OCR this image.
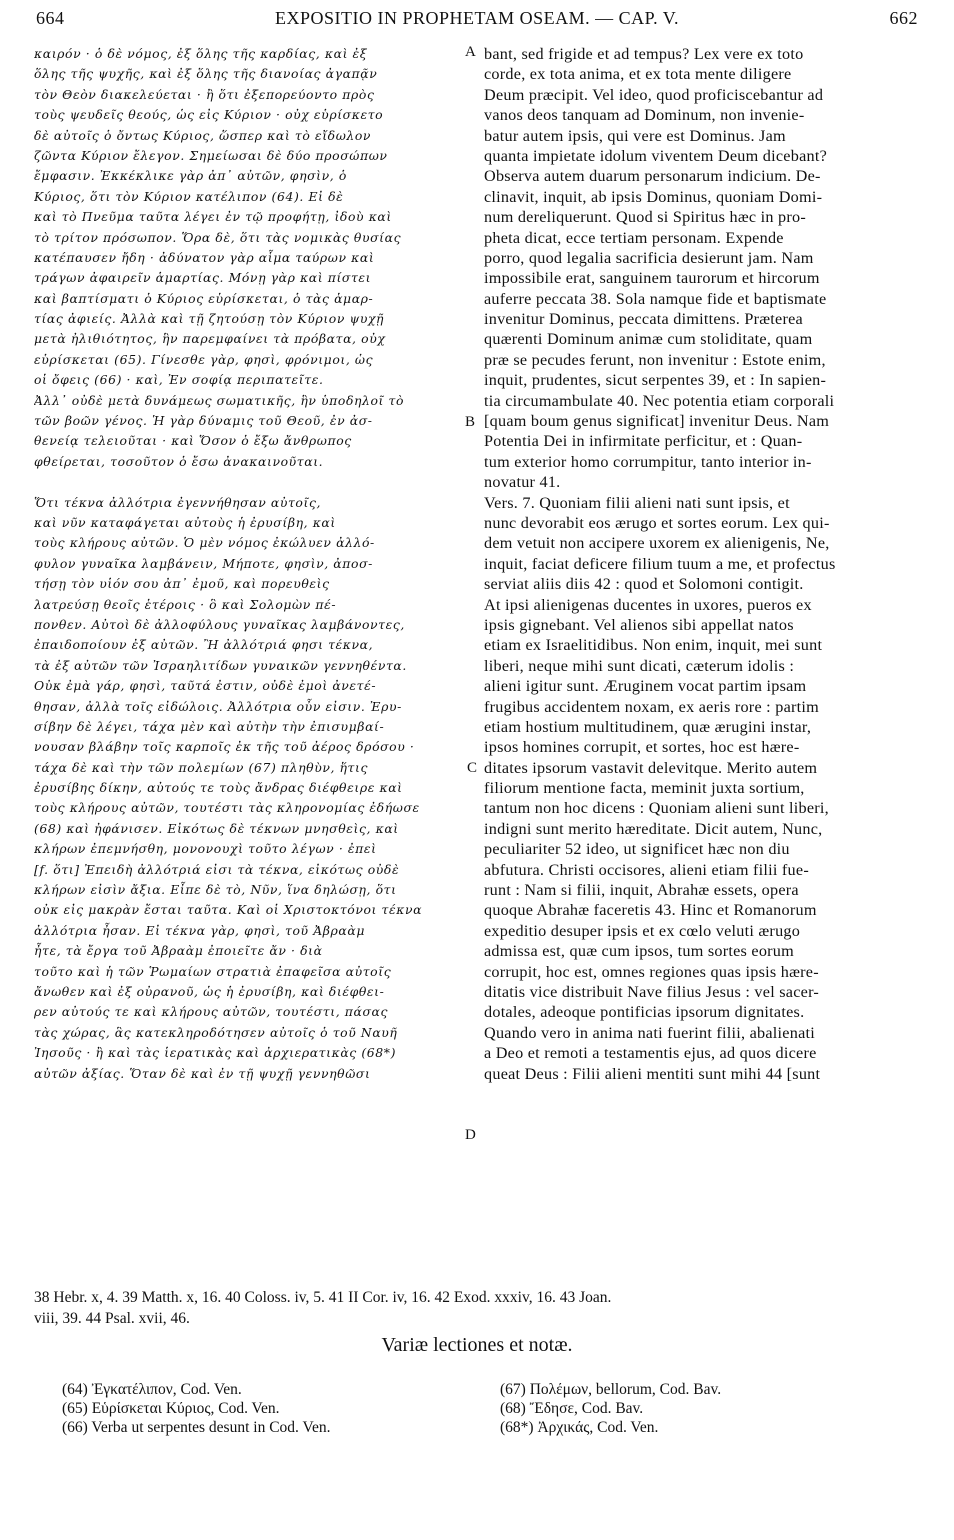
664	EXPOSITIO IN PROPHETAM OSEAM. — CAP. V.	662
καιρόν · ὁ δὲ νόμος, ἐξ ὅλης τῆς καρδίας, καὶ ἐξ
ὅλης τῆς ψυχῆς, καὶ ἐξ ὅλης τῆς διανοίας ἀγαπᾷν
τὸν Θεὸν διακελεύεται · ἢ ὅτι ἐξεπορεύοντο πρὸς
τοὺς ψευδεῖς θεούς, ὡς εἰς Κύριον · οὐχ εὑρίσκετο
δὲ αὐτοῖς ὁ ὄντως Κύριος, ὥσπερ καὶ τὸ εἴδωλον
ζῶντα Κύριον ἔλεγον. Σημείωσαι δὲ δύο προσώπων
ἔμφασιν. Ἐκκέκλικε γὰρ ἀπ᾽ αὐτῶν, φησὶν, ὁ
Κύριος, ὅτι τὸν Κύριον κατέλιπον (64). Εἰ δὲ
καὶ τὸ Πνεῦμα ταῦτα λέγει ἐν τῷ προφήτῃ, ἰδοὺ καὶ
τὸ τρίτον πρόσωπον. Ὅρα δὲ, ὅτι τὰς νομικὰς θυσίας
κατέπαυσεν ἤδη · ἀδύνατον γὰρ αἷμα ταύρων καὶ
τράγων ἀφαιρεῖν ἁμαρτίας. Μόνῃ γὰρ καὶ πίστει
καὶ βαπτίσματι ὁ Κύριος εὑρίσκεται, ὁ τὰς ἁμαρ-
τίας ἀφιείς. Ἀλλὰ καὶ τῇ ζητούσῃ τὸν Κύριον ψυχῇ
μετὰ ἠλιθιότητος, ἣν παρεμφαίνει τὰ πρόβατα, οὐχ
εὑρίσκεται (65). Γίνεσθε γὰρ, φησὶ, φρόνιμοι, ὡς
οἱ ὄφεις (66) · καὶ, Ἐν σοφίᾳ περιπατεῖτε.
Ἀλλ᾽ οὐδὲ μετὰ δυνάμεως σωματικῆς, ἣν ὑποδηλοῖ τὸ
τῶν βοῶν γένος. Ἡ γὰρ δύναμις τοῦ Θεοῦ, ἐν ἀσ-
θενείᾳ τελειοῦται · καὶ Ὅσον ὁ ἔξω ἄνθρωπος
φθείρεται, τοσοῦτον ὁ ἔσω ἀνακαινοῦται.
Ὅτι τέκνα ἀλλότρια ἐγεννήθησαν αὐτοῖς,
καὶ νῦν καταφάγεται αὐτοὺς ἡ ἐρυσίβη, καὶ
τοὺς κλήρους αὐτῶν. Ὁ μὲν νόμος ἐκώλυεν ἀλλό-
φυλον γυναῖκα λαμβάνειν, Μήποτε, φησὶν, ἀποσ-
τήσῃ τὸν υἱόν σου ἀπ᾽ ἐμοῦ, καὶ πορευθεὶς
λατρεύσῃ θεοῖς ἑτέροις · ὃ καὶ Σολομὼν πέ-
πονθεν. Αὐτοὶ δὲ ἀλλοφύλους γυναῖκας λαμβάνοντες,
ἐπαιδοποίουν ἐξ αὐτῶν. Ἢ ἀλλότριά φησι τέκνα,
τὰ ἐξ αὐτῶν τῶν Ἰσραηλιτίδων γυναικῶν γεννηθέντα.
Οὐκ ἐμὰ γάρ, φησὶ, ταῦτά ἐστιν, οὐδὲ ἐμοὶ ἀνετέ-
θησαν, ἀλλὰ τοῖς εἰδώλοις. Ἀλλότρια οὖν εἰσιν. Ἐρυ-
σίβην δὲ λέγει, τάχα μὲν καὶ αὐτὴν τὴν ἐπισυμβαί-
νουσαν βλάβην τοῖς καρποῖς ἐκ τῆς τοῦ ἀέρος δρόσου ·
τάχα δὲ καὶ τὴν τῶν πολεμίων (67) πληθὺν, ἥτις
ἐρυσίβης δίκην, αὐτούς τε τοὺς ἄνδρας διέφθειρε καὶ
τοὺς κλήρους αὐτῶν, τουτέστι τὰς κληρονομίας ἐδήωσε
(68) καὶ ἠφάνισεν. Εἰκότως δὲ τέκνων μνησθεὶς, καὶ
κλήρων ἐπεμνήσθη, μονονουχὶ τοῦτο λέγων · ἐπεὶ
[f. ὅτι] Ἐπειδὴ ἀλλότριά εἰσι τὰ τέκνα, εἰκότως οὐδὲ
κλήρων εἰσὶν ἄξια. Εἶπε δὲ τὸ, Νῦν, ἵνα δηλώσῃ, ὅτι
οὐκ εἰς μακρὰν ἔσται ταῦτα. Καὶ οἱ Χριστοκτόνοι τέκνα
ἀλλότρια ἦσαν. Εἰ τέκνα γὰρ, φησὶ, τοῦ Ἀβραὰμ
ἦτε, τὰ ἔργα τοῦ Ἀβραὰμ ἐποιεῖτε ἄν · διὰ
τοῦτο καὶ ἡ τῶν Ῥωμαίων στρατιὰ ἐπαφεῖσα αὐτοῖς
ἄνωθεν καὶ ἐξ οὐρανοῦ, ὡς ἡ ἐρυσίβη, καὶ διέφθει-
ρεν αὐτούς τε καὶ κλήρους αὐτῶν, τουτέστι, πάσας
τὰς χώρας, ἃς κατεκληροδότησεν αὐτοῖς ὁ τοῦ Ναυῆ
Ἰησοῦς · ἢ καὶ τὰς ἱερατικὰς καὶ ἀρχιερατικὰς (68*)
αὐτῶν ἀξίας. Ὅταν δὲ καὶ ἐν τῇ ψυχῇ γεννηθῶσι
bant, sed frigide et ad tempus? Lex vere ex toto
corde, ex tota anima, et ex tota mente diligere
Deum præcipit. Vel ideo, quod proficiscebantur ad
vanos deos tanquam ad Dominum, non invenie-
batur autem ipsis, qui vere est Dominus. Jam
quanta impietate idolum viventem Deum dicebant?
Observa autem duarum personarum indicium. De-
clinavit, inquit, ab ipsis Dominus, quoniam Domi-
num dereliquerunt. Quod si Spiritus hæc in pro-
pheta dicat, ecce tertiam personam. Expende
porro, quod legalia sacrificia desierunt jam. Nam
impossibile erat, sanguinem taurorum et hircorum
auferre peccata 38. Sola namque fide et baptismate
invenitur Dominus, peccata dimittens. Præterea
quærenti Dominum animæ cum stoliditate, quam
præ se pecudes ferunt, non invenitur : Estote enim,
inquit, prudentes, sicut serpentes 39, et : In sapien-
tia circumambulate 40. Nec potentia etiam corporali
[quam boum genus significat] invenitur Deus. Nam
Potentia Dei in infirmitate perficitur, et : Quan-
tum exterior homo corrumpitur, tanto interior in-
novatur 41.
Vers. 7. Quoniam filii alieni nati sunt ipsis, et
nunc devorabit eos ærugo et sortes eorum. Lex qui-
dem vetuit non accipere uxorem ex alienigenis, Ne,
inquit, faciat deficere filium tuum a me, et profectus
serviat aliis diis 42 : quod et Solomoni contigit.
At ipsi alienigenas ducentes in uxores, pueros ex
ipsis gignebant. Vel alienos sibi appellat natos
etiam ex Israelitidibus. Non enim, inquit, mei sunt
liberi, neque mihi sunt dicati, cæterum idolis :
alieni igitur sunt. Æruginem vocat partim ipsam
frugibus accidentem noxam, ex aeris rore : partim
etiam hostium multitudinem, quæ ærugini instar,
ipsos homines corrupit, et sortes, hoc est hære-
ditates ipsorum vastavit delevitque. Merito autem
filiorum mentione facta, meminit juxta sortium,
tantum non hoc dicens : Quoniam alieni sunt liberi,
indigni sunt merito hæreditate. Dicit autem, Nunc,
peculiariter 52 ideo, ut significet hæc non diu
abfutura. Christi occisores, alieni etiam filii fue-
runt : Nam si filii, inquit, Abrahæ essets, opera
quoque Abrahæ faceretis 43. Hinc et Romanorum
expeditio desuper ipsis et ex cœlo veluti ærugo
admissa est, quæ cum ipsos, tum sortes eorum
corrupit, hoc est, omnes regiones quas ipsis hære-
ditatis vice distribuit Nave filius Jesus : vel sacer-
dotales, adeoque pontificias ipsorum dignitates.
Quando vero in anima nati fuerint filii, abalienati
a Deo et remoti a testamentis ejus, ad quos dicere
queat Deus : Filii alieni mentiti sunt mihi 44 [sunt
A
B
C
D
38 Hebr. x, 4. 39 Matth. x, 16. 40 Coloss. iv, 5. 41 II Cor. iv, 16. 42 Exod. xxxiv, 16. 43 Joan.
viii, 39. 44 Psal. xvii, 46.
Variæ lectiones et notæ.
(64) Ἐγκατέλιπον, Cod. Ven.
(65) Εὑρίσκεται Κύριος, Cod. Ven.
(66) Verba ut serpentes desunt in Cod. Ven.
(67) Πολέμων, bellorum, Cod. Bav.
(68) Ἔδησε, Cod. Bav.
(68*) Ἀρχικάς, Cod. Ven.
